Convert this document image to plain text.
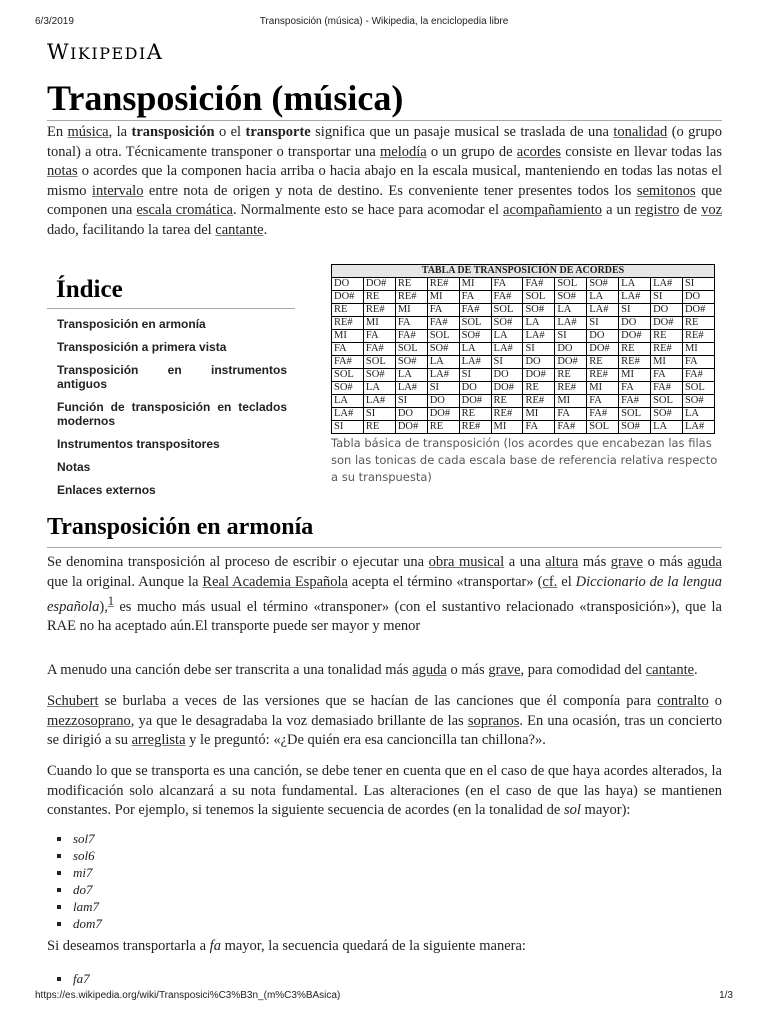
6/3/2019	Transposición (música) - Wikipedia, la enciclopedia libre
WIKIPEDIA
Transposición (música)
En música, la transposición o el transporte significa que un pasaje musical se traslada de una tonalidad (o grupo tonal) a otra. Técnicamente transponer o transportar una melodía o un grupo de acordes consiste en llevar todas las notas o acordes que la componen hacia arriba o hacia abajo en la escala musical, manteniendo en todas las notas el mismo intervalo entre nota de origen y nota de destino. Es conveniente tener presentes todos los semitonos que componen una escala cromática. Normalmente esto se hace para acomodar el acompañamiento a un registro de voz dado, facilitando la tarea del cantante.
Índice
Transposición en armonía
Transposición a primera vista
Transposición en instrumentos antiguos
Función de transposición en teclados modernos
Instrumentos transpositores
Notas
Enlaces externos
TABLA DE TRANSPOSICIÓN DE ACORDES											
DO	DO#	RE	RE#	MI	FA	FA#	SOL	SO#	LA	LA#	SI
DO#	RE	RE#	MI	FA	FA#	SOL	SO#	LA	LA#	SI	DO
RE	RE#	MI	FA	FA#	SOL	SO#	LA	LA#	SI	DO	DO#
RE#	MI	FA	FA#	SOL	SO#	LA	LA#	SI	DO	DO#	RE
MI	FA	FA#	SOL	SO#	LA	LA#	SI	DO	DO#	RE	RE#
FA	FA#	SOL	SO#	LA	LA#	SI	DO	DO#	RE	RE#	MI
FA#	SOL	SO#	LA	LA#	SI	DO	DO#	RE	RE#	MI	FA
SOL	SO#	LA	LA#	SI	DO	DO#	RE	RE#	MI	FA	FA#
SO#	LA	LA#	SI	DO	DO#	RE	RE#	MI	FA	FA#	SOL
LA	LA#	SI	DO	DO#	RE	RE#	MI	FA	FA#	SOL	SO#
LA#	SI	DO	DO#	RE	RE#	MI	FA	FA#	SOL	SO#	LA
SI	RE	DO#	RE	RE#	MI	FA	FA#	SOL	SO#	LA	LA#
Tabla básica de transposición (los acordes que encabezan las filas son las tonicas de cada escala base de referencia relativa respecto a su transpuesta)
Transposición en armonía
Se denomina transposición al proceso de escribir o ejecutar una obra musical a una altura más grave o más aguda que la original. Aunque la Real Academia Española acepta el término «transportar» (cf. el Diccionario de la lengua española),$^1$ es mucho más usual el término «transponer» (con el sustantivo relacionado «transposición»), que la RAE no ha aceptado aún.El transporte puede ser mayor y menor
A menudo una canción debe ser transcrita a una tonalidad más aguda o más grave, para comodidad del cantante.
Schubert se burlaba a veces de las versiones que se hacían de las canciones que él componía para contralto o mezzosoprano, ya que le desagradaba la voz demasiado brillante de las sopranos. En una ocasión, tras un concierto se dirigió a su arreglista y le preguntó: «¿De quién era esa cancioncilla tan chillona?».
Cuando lo que se transporta es una canción, se debe tener en cuenta que en el caso de que haya acordes alterados, la modificación solo alcanzará a su nota fundamental. Las alteraciones (en el caso de que las haya) se mantienen constantes. Por ejemplo, si tenemos la siguiente secuencia de acordes (en la tonalidad de sol mayor):
sol7
sol6
mi7
do7
lam7
dom7
Si deseamos transportarla a fa mayor, la secuencia quedará de la siguiente manera:
fa7
https://es.wikipedia.org/wiki/Transposici%C3%B3n_(m%C3%BAsica)	1/3
